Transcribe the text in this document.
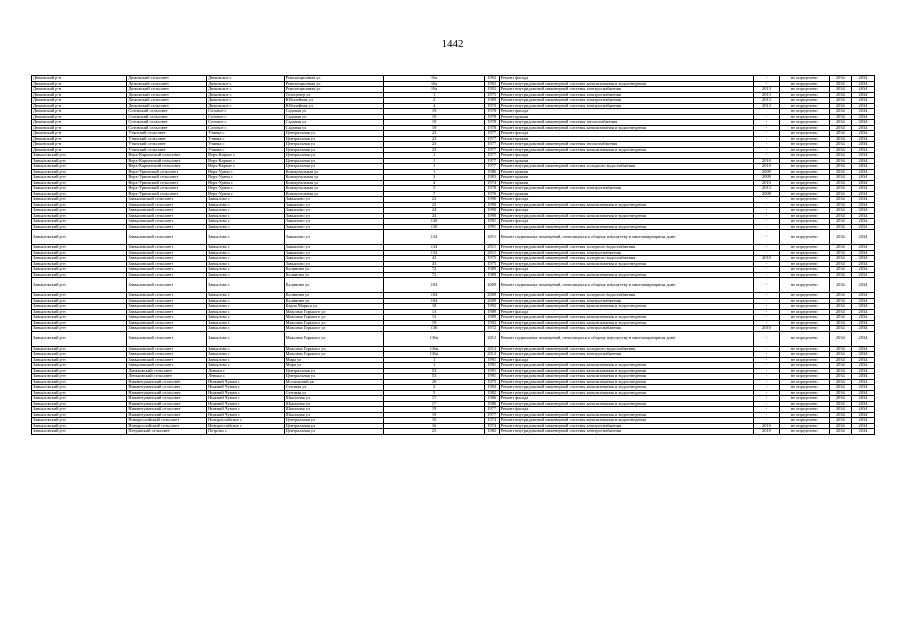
1442
Дюковский р-н	Дюковский сельсовет	Дюковское с	Революционная ул	16а	1992	Ремонт фасада	-	не определено	2034	2034
Дюковский р-н	Дюковский сельсовет	Дюковское с	Революционная ул	16а	1992	Ремонт внутридомовой инженерной системы канализования и водоотведения	-	не определено	2034	2034
Дюковский р-н	Дюковский сельсовет	Дюковское с	Революционная ул	16а	1992	Ремонт внутридомовой инженерной системы электроснабжения	2013	не определено	2034	2034
Дюковский р-н	Дюковский сельсовет	Дюковское с	Телецентр ул	1	1975	Ремонт внутридомовой инженерной системы электроснабжения	2013	не определено	2034	2034
Дюковский р-н	Дюковский сельсовет	Дюковское с	Юбилейная ул	2	1989	Ремонт внутридомовой инженерной системы электроснабжения	2013	не определено	2034	2034
Дюковский р-н	Дюковский сельсовет	Дюковское с	Юбилейная ул	4	1973	Ремонт внутридомовой инженерной системы электроснабжения	2013	не определено	2034	2034
Дюковский р-н	Сотовский сельсовет	Сотовое с	Садовая ул	19	1978	Ремонт фасада		не определено	2034	2034
Дюковский р-н	Сотовский сельсовет	Сотовое с	Садовая ул	19	1978	Ремонт крыши	-	не определено	2034	2034
Дюковский р-н	Сотовский сельсовет	Сотовое с	Садовая ул	19	1978	Ремонт внутридомовой инженерной системы теплоснабжения	-	не определено	2034	2034
Дюковский р-н	Сотовский сельсовет	Сотовое с	Садовая ул	19	1978	Ремонт внутридомовой инженерной системы канализования и водоотведения	-	не определено	2034	2034
Дюковский р-н	Утянский сельсовет	Утянка с	Центральная ул	23	1977	Ремонт фасада	-	не определено	2034	2034
Дюковский р-н	Утянский сельсовет	Утянка с	Центральная ул	23	1977	Ремонт крыши	-	не определено	2034	2034
Дюковский р-н	Утянский сельсовет	Утянка с	Центральная ул	23	1977	Ремонт внутридомовой инженерной системы теплоснабжения	-	не определено	2034	2034
Дюковский р-н	Утянский сельсовет	Утянка с	Центральная ул	23	1977	Ремонт внутридомовой инженерной системы канализования и водоотведения	-	не определено	2034	2034
Завьяловский р-н	Верх-Карпатский сельсовет	Верх-Карпат с	Центральная ул	1	1977	Ремонт фасада	-	не определено	2034	2034
Завьяловский р-н	Верх-Карпатский сельсовет	Верх-Карпат с	Центральная ул	1	1977	Ремонт крыши	2010	не определено	2034	2034
Завьяловский р-н	Верх-Карпатский сельсовет	Верх-Карпат с	Центральная ул	1	1977	Ремонт внутридомовой инженерной системы холодного водоснабжения	2010	не определено	2034	2034
Завьяловский р-н	Верх-Урюмский сельсовет	Верх-Урюм с	Коммунальная ул	1	1986	Ремонт крыши	2009	не определено	2034	2034
Завьяловский р-н	Верх-Урюмский сельсовет	Верх-Урюм с	Коммунальная ул	3	1983	Ремонт крыши	2009	не определено	2034	2034
Завьяловский р-н	Верх-Урюмский сельсовет	Верх-Урюм с	Коммунальная ул	4	1974	Ремонт крыши	2010	не определено	2034	2034
Завьяловский р-н	Верх-Урюмский сельсовет	Верх-Урюм с	Коммунальная ул	5	1978	Ремонт внутридомовой инженерной системы электроснабжения	2013	не определено	2034	2034
Завьяловский р-н	Верх-Урюмский сельсовет	Верх-Урюм с	Коммунальная ул	7	1976	Ремонт крыши	2008	не определено	2034	2034
Завьяловский р-н	Завьяловский сельсовет	Завьялово с	Завьялово ул	22	1990	Ремонт фасада	-	не определено	2034	2034
Завьяловский р-н	Завьяловский сельсовет	Завьялово с	Завьялово ул	22	1990	Ремонт внутридомовой инженерной системы канализования и водоотведения	-	не определено	2034	2034
Завьяловский р-н	Завьяловский сельсовет	Завьялово с	Завьялово ул	24	1990	Ремонт фасада	-	не определено	2034	2034
Завьяловский р-н	Завьяловский сельсовет	Завьялово с	Завьялово ул	24	1990	Ремонт внутридомовой инженерной системы канализования и водоотведения	-	не определено	2034	2034
Завьяловский р-н	Завьяловский сельсовет	Завьялово с	Завьялово ул	130	1991	Ремонт фасада	-	не определено	2034	2034
Завьяловский р-н	Завьяловский сельсовет	Завьялово с	Завьялово ул	130	1991	Ремонт внутридомовой инженерной системы канализования и водоотведения	-	не определено	2034	2034
Завьяловский р-н	Завьяловский сельсовет	Завьялово с	Завьялово ул	134	2011	Ремонт подвальных помещений, относящихся к общему имуществу в многоквартирном доме	-	не определено	2034	2034
Завьяловский р-н	Завьяловский сельсовет	Завьялово с	Завьялово ул	134	2011	Ремонт внутридомовой инженерной системы холодного водоснабжения	-	не определено	2034	2034
Завьяловский р-н	Завьяловский сельсовет	Завьялово с	Завьялово ул	134	2011	Ремонт внутридомовой инженерной системы электроснабжения	-	не определено	2034	2034
Завьяловский р-н	Завьяловский сельсовет	Завьялово с	Завьялово ул	43	1975	Ремонт внутридомовой инженерной системы холодного водоснабжения	2010	не определено	2034	2034
Завьяловский р-н	Завьяловский сельсовет	Завьялово с	Завьялово ул	43	1975	Ремонт внутридомовой инженерной системы канализования и водоотведения	-	не определено	2034	2034
Завьяловский р-н	Завьяловский сельсовет	Завьялово с	Калинина ул	72	1989	Ремонт фасада	-	не определено	2034	2034
Завьяловский р-н	Завьяловский сельсовет	Завьялово с	Калинина ул	72	1989	Ремонт внутридомовой инженерной системы канализования и водоотведения	-	не определено	2034	2034
Завьяловский р-н	Завьяловский сельсовет	Завьялово с	Калинина ул	104	2009	Ремонт подвальных помещений, относящихся к общему имуществу в многоквартирном доме	-	не определено	2034	2034
Завьяловский р-н	Завьяловский сельсовет	Завьялово с	Калинина ул	104	2009	Ремонт внутридомовой инженерной системы холодного водоснабжения	-	не определено	2034	2034
Завьяловский р-н	Завьяловский сельсовет	Завьялово с	Калинина ул	104	2009	Ремонт внутридомовой инженерной системы электроснабжения	-	не определено	2034	2034
Завьяловский р-н	Завьяловский сельсовет	Завьялово с	Карла Маркса ул	18	1992	Ремонт внутридомовой инженерной системы канализования и водоотведения	-	не определено	2034	2034
Завьяловский р-н	Завьяловский сельсовет	Завьялово с	Максима Горького ул	13	1989	Ремонт фасада	-	не определено	2034	2034
Завьяловский р-н	Завьяловский сельсовет	Завьялово с	Максима Горького ул	13	1989	Ремонт внутридомовой инженерной системы канализования и водоотведения	-	не определено	2034	2034
Завьяловский р-н	Завьяловский сельсовет	Завьялово с	Максима Горького ул	19	1992	Ремонт внутридомовой инженерной системы канализования и водоотведения	-	не определено	2034	2034
Завьяловский р-н	Завьяловский сельсовет	Завьялово с	Максима Горького ул	136	1972	Ремонт внутридомовой инженерной системы электроснабжения	2010	не определено	2034	2034
Завьяловский р-н	Завьяловский сельсовет	Завьялово с	Максима Горького ул	136а	2012	Ремонт подвальных помещений, относящихся к общему имуществу в многоквартирном доме	-	не определено	2034	2034
Завьяловский р-н	Завьяловский сельсовет	Завьялово с	Максима Горького ул	136а	2012	Ремонт внутридомовой инженерной системы холодного водоснабжения	-	не определено	2034	2034
Завьяловский р-н	Завьяловский сельсовет	Завьялово с	Максима Горького ул	136а	2012	Ремонт внутридомовой инженерной системы электроснабжения	-	не определено	2034	2034
Завьяловский р-н	Завьяловский сельсовет	Завьялово с	Мира ул	1	1991	Ремонт фасада	-	не определено	2034	2034
Завьяловский р-н	Завьяловский сельсовет	Завьялово с	Мира ул	1	1991	Ремонт внутридомовой инженерной системы канализования и водоотведения	-	не определено	2034	2034
Завьяловский р-н	Леньковский сельсовет	Леньки с	Центральная ул	53	1991	Ремонт внутридомовой инженерной системы канализования и водоотведения	-	не определено	2034	2034
Завьяловский р-н	Леньковский сельсовет	Леньки с	Центральная ул	53	1991	Ремонт внутридомовой инженерной системы канализования и водоотведения	-	не определено	2034	2034
Завьяловский р-н	Нижнечуманский сельсовет	Нижний Чуман с	Московский кв	20	1975	Ремонт внутридомовой инженерной системы канализования и водоотведения	-	не определено	2034	2034
Завьяловский р-н	Нижнечуманский сельсовет	Нижний Чуман с	Степная ул	3	1984	Ремонт внутридомовой инженерной системы канализования и водоотведения	-	не определено	2034	2034
Завьяловский р-н	Нижнечуманский сельсовет	Нижний Чуман с	Степная ул	5	1982	Ремонт внутридомовой инженерной системы канализования и водоотведения	-	не определено	2034	2034
Завьяловский р-н	Нижнечуманский сельсовет	Нижний Чуман с	Школьная ул	17	1986	Ремонт фасада	-	не определено	2034	2034
Завьяловский р-н	Нижнечуманский сельсовет	Нижний Чуман с	Школьная ул	17	1986	Ремонт внутридомовой инженерной системы канализования и водоотведения	-	не определено	2034	2034
Завьяловский р-н	Нижнечуманский сельсовет	Нижний Чуман с	Школьная ул	19	1977	Ремонт фасада	-	не определено	2034	2034
Завьяловский р-н	Нижнечуманский сельсовет	Нижний Чуман с	Школьная ул	19	1977	Ремонт внутридомовой инженерной системы канализования и водоотведения	-	не определено	2034	2034
Завьяловский р-н	Новороссийский сельсовет	Новороссийское с	Центральная ул	16	1974	Ремонт внутридомовой инженерной системы канализования и водоотведения	-	не определено	2034	2034
Завьяловский р-н	Новороссийский сельсовет	Новороссийское с	Центральная ул	16	1974	Ремонт внутридомовой инженерной системы электроснабжения	2010	не определено	2034	2034
Завьяловский р-н	Петравский сельсовет	Петрово с	Центральная ул	25	1982	Ремонт внутридомовой инженерной системы электроснабжения	2010	не определено	2034	2034
